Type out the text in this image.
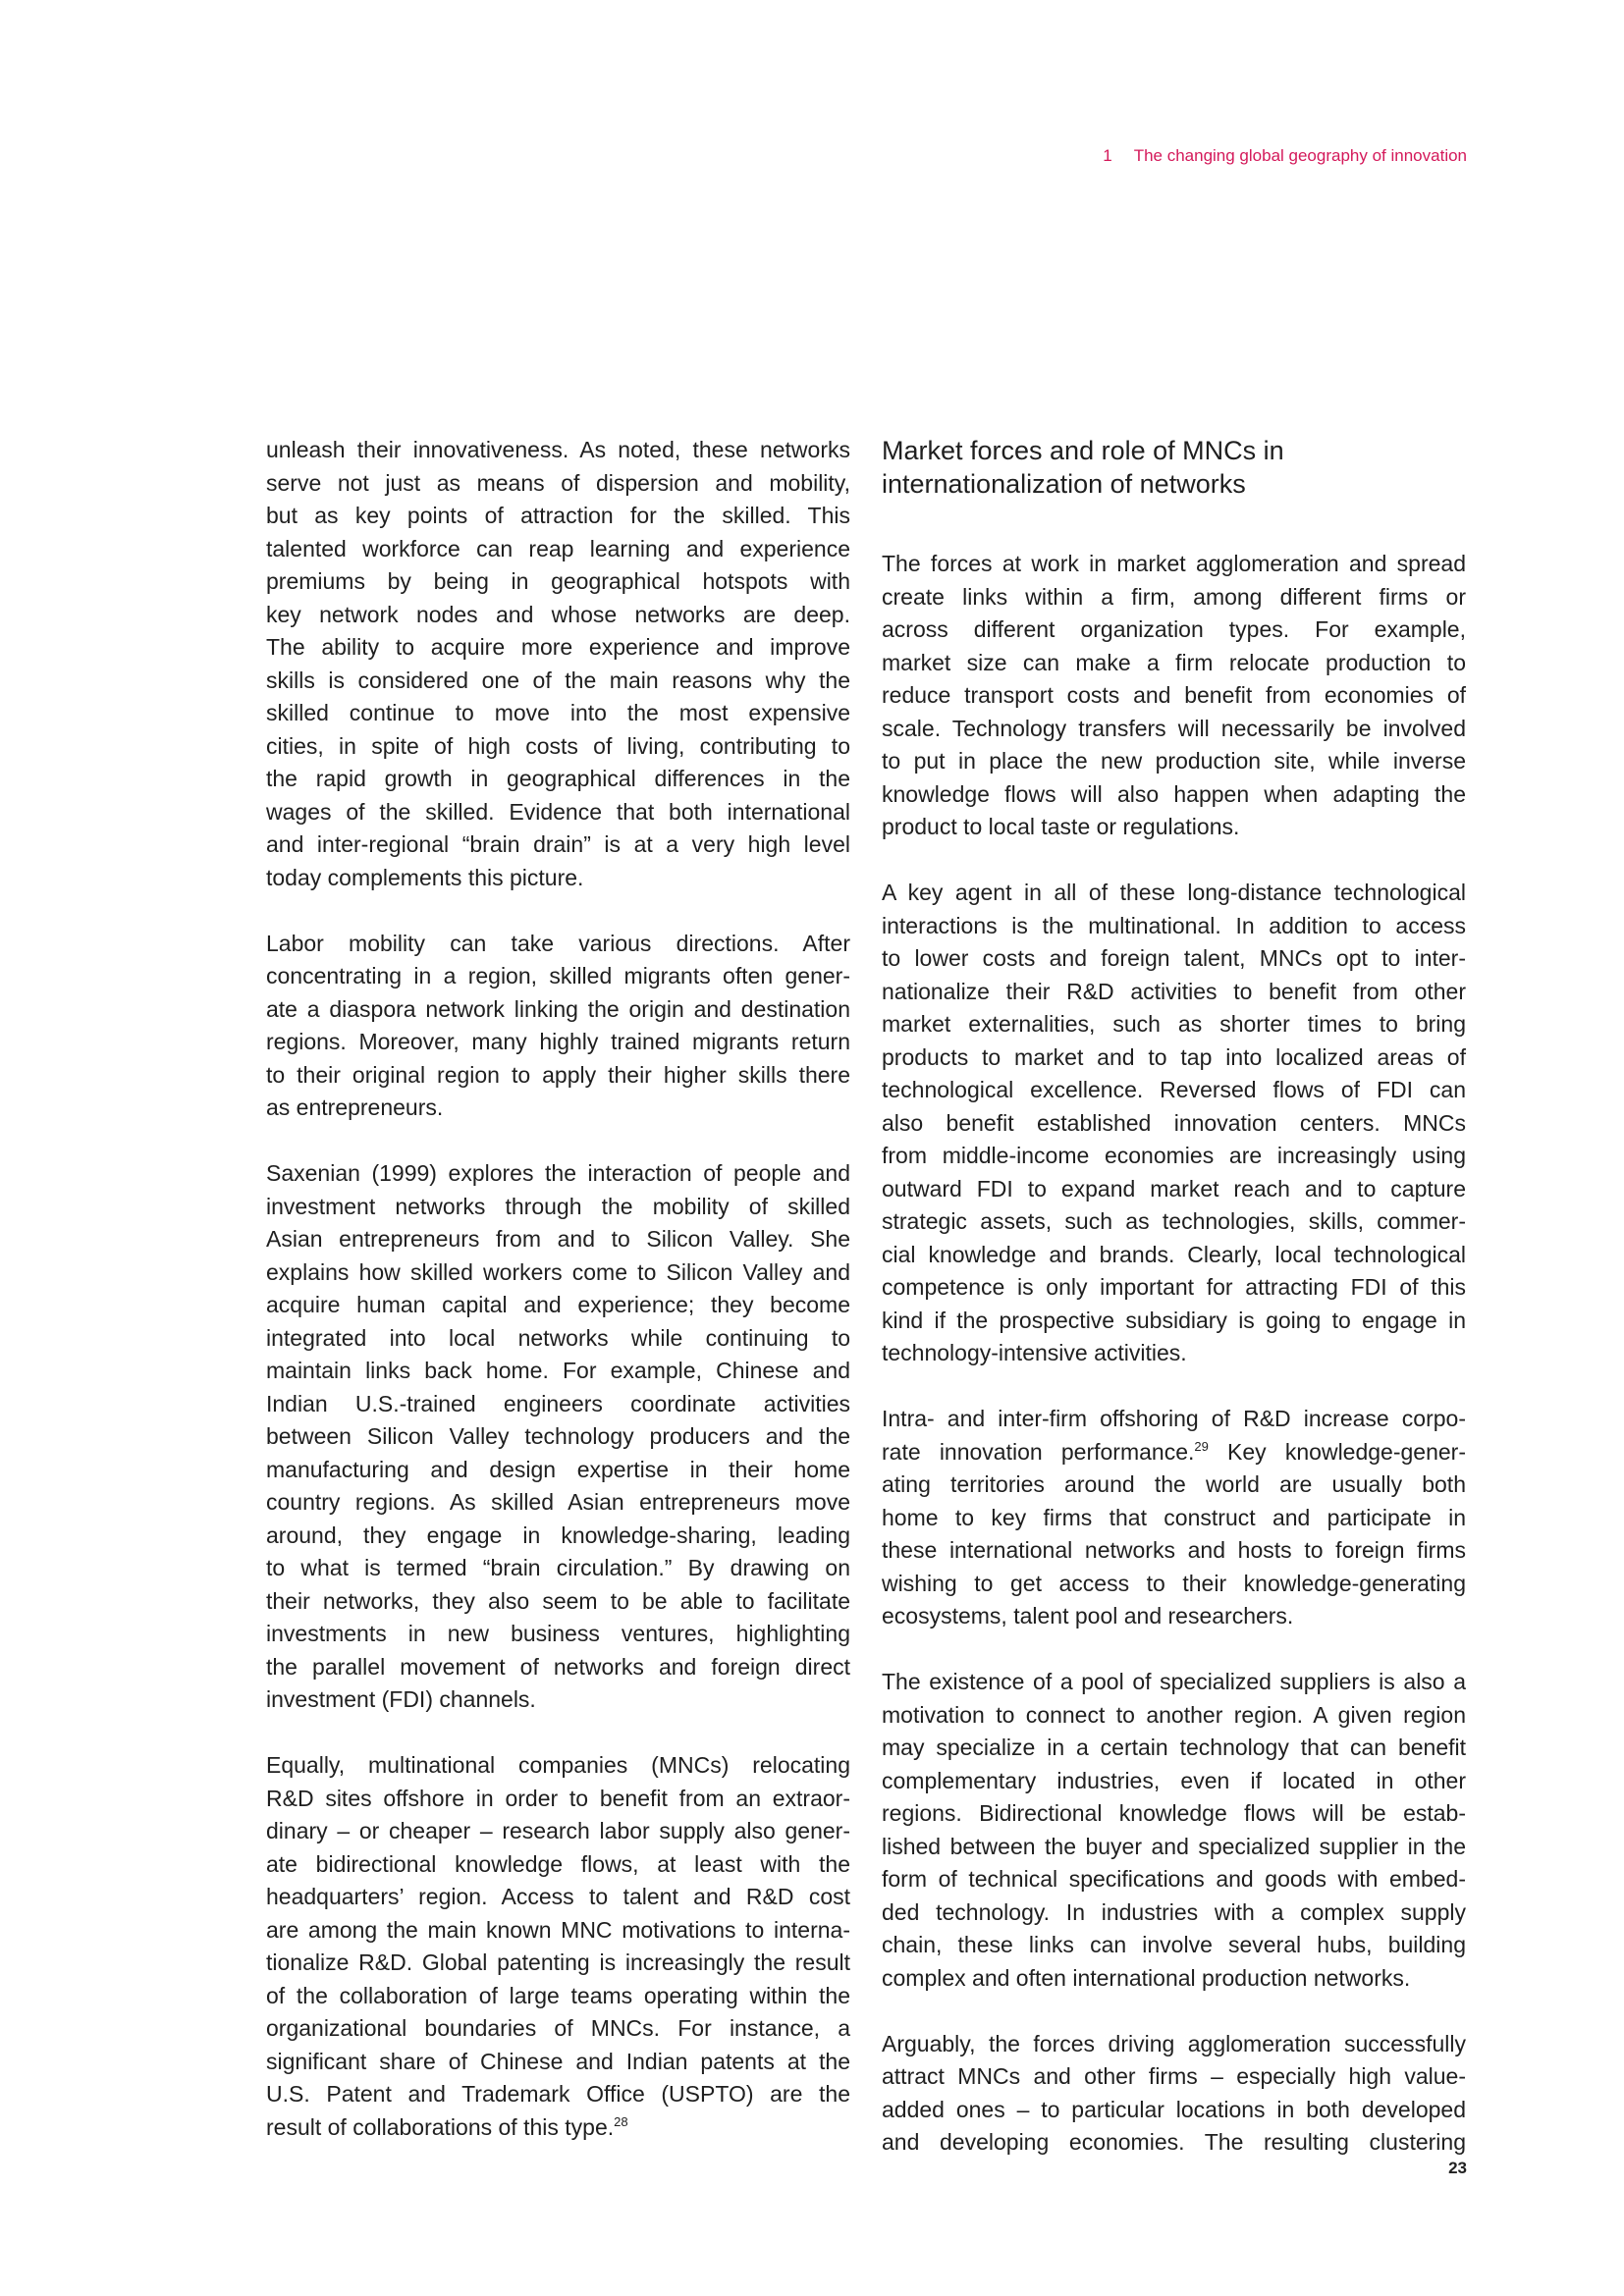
1 The changing global geography of innovation
unleash their innovativeness. As noted, these networks
serve not just as means of dispersion and mobility,
but as key points of attraction for the skilled. This
talented workforce can reap learning and experience
premiums by being in geographical hotspots with
key network nodes and whose networks are deep.
The ability to acquire more experience and improve
skills is considered one of the main reasons why the
skilled continue to move into the most expensive
cities, in spite of high costs of living, contributing to
the rapid growth in geographical differences in the
wages of the skilled. Evidence that both international
and inter-regional “brain drain” is at a very high level
today complements this picture.
Labor mobility can take various directions. After
concentrating in a region, skilled migrants often gener-
ate a diaspora network linking the origin and destination
regions. Moreover, many highly trained migrants return
to their original region to apply their higher skills there
as entrepreneurs.
Saxenian (1999) explores the interaction of people and
investment networks through the mobility of skilled
Asian entrepreneurs from and to Silicon Valley. She
explains how skilled workers come to Silicon Valley and
acquire human capital and experience; they become
integrated into local networks while continuing to
maintain links back home. For example, Chinese and
Indian U.S.-trained engineers coordinate activities
between Silicon Valley technology producers and the
manufacturing and design expertise in their home
country regions. As skilled Asian entrepreneurs move
around, they engage in knowledge-sharing, leading
to what is termed “brain circulation.” By drawing on
their networks, they also seem to be able to facilitate
investments in new business ventures, highlighting
the parallel movement of networks and foreign direct
investment (FDI) channels.
Equally, multinational companies (MNCs) relocating
R&D sites offshore in order to benefit from an extraor-
dinary – or cheaper – research labor supply also gener-
ate bidirectional knowledge flows, at least with the
headquarters’ region. Access to talent and R&D cost
are among the main known MNC motivations to interna-
tionalize R&D. Global patenting is increasingly the result
of the collaboration of large teams operating within the
organizational boundaries of MNCs. For instance, a
significant share of Chinese and Indian patents at the
U.S. Patent and Trademark Office (USPTO) are the
result of collaborations of this type.$^{28}$
Market forces and role of MNCs in
internationalization of networks
The forces at work in market agglomeration and spread
create links within a firm, among different firms or
across different organization types. For example,
market size can make a firm relocate production to
reduce transport costs and benefit from economies of
scale. Technology transfers will necessarily be involved
to put in place the new production site, while inverse
knowledge flows will also happen when adapting the
product to local taste or regulations.
A key agent in all of these long-distance technological
interactions is the multinational. In addition to access
to lower costs and foreign talent, MNCs opt to inter-
nationalize their R&D activities to benefit from other
market externalities, such as shorter times to bring
products to market and to tap into localized areas of
technological excellence. Reversed flows of FDI can
also benefit established innovation centers. MNCs
from middle-income economies are increasingly using
outward FDI to expand market reach and to capture
strategic assets, such as technologies, skills, commer-
cial knowledge and brands. Clearly, local technological
competence is only important for attracting FDI of this
kind if the prospective subsidiary is going to engage in
technology-intensive activities.
Intra- and inter-firm offshoring of R&D increase corpo-
rate innovation performance.$^{29}$ Key knowledge-gener-
ating territories around the world are usually both
home to key firms that construct and participate in
these international networks and hosts to foreign firms
wishing to get access to their knowledge-generating
ecosystems, talent pool and researchers.
The existence of a pool of specialized suppliers is also a
motivation to connect to another region. A given region
may specialize in a certain technology that can benefit
complementary industries, even if located in other
regions. Bidirectional knowledge flows will be estab-
lished between the buyer and specialized supplier in the
form of technical specifications and goods with embed-
ded technology. In industries with a complex supply
chain, these links can involve several hubs, building
complex and often international production networks.
Arguably, the forces driving agglomeration successfully
attract MNCs and other firms – especially high value-
added ones – to particular locations in both developed
and developing economies. The resulting clustering
23
